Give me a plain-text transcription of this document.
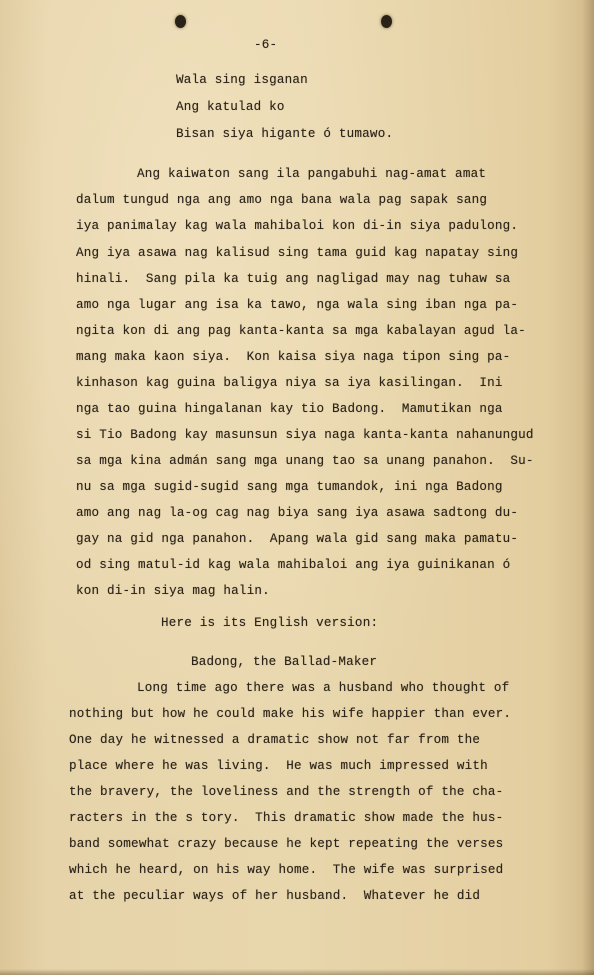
-6-
Wala sing isganan
Ang katulad ko
Bisan siya higante ó tumawo.
Ang kaiwaton sang ila pangabuhi nag-amat amat
dalum tungud nga ang amo nga bana wala pag sapak sang
iya panimalay kag wala mahibaloi kon di-in siya padulong.
Ang iya asawa nag kalisud sing tama guid kag napatay sing
hinali.  Sang pila ka tuig ang nagligad may nag tuhaw sa
amo nga lugar ang isa ka tawo, nga wala sing iban nga pa-
ngita kon di ang pag kanta-kanta sa mga kabalayan agud la-
mang maka kaon siya.  Kon kaisa siya naga tipon sing pa-
kinhason kag guina baligya niya sa iya kasilingan.  Ini
nga tao guina hingalanan kay tio Badong.  Mamutikan nga
si Tio Badong kay masunsun siya naga kanta-kanta nahanungud
sa mga kina admán sang mga unang tao sa unang panahon.  Su-
nu sa mga sugid-sugid sang mga tumandok, ini nga Badong
amo ang nag la-og cag nag biya sang iya asawa sadtong du-
gay na gid nga panahon.  Apang wala gid sang maka pamatu-
od sing matul-id kag wala mahibaloi ang iya guinikanan ó
kon di-in siya mag halin.
Here is its English version:
Badong, the Ballad-Maker
Long time ago there was a husband who thought of
nothing but how he could make his wife happier than ever.
One day he witnessed a dramatic show not far from the
place where he was living.  He was much impressed with
the bravery, the loveliness and the strength of the cha-
racters in the s tory.  This dramatic show made the hus-
band somewhat crazy because he kept repeating the verses
which he heard, on his way home.  The wife was surprised
at the peculiar ways of her husband.  Whatever he did
